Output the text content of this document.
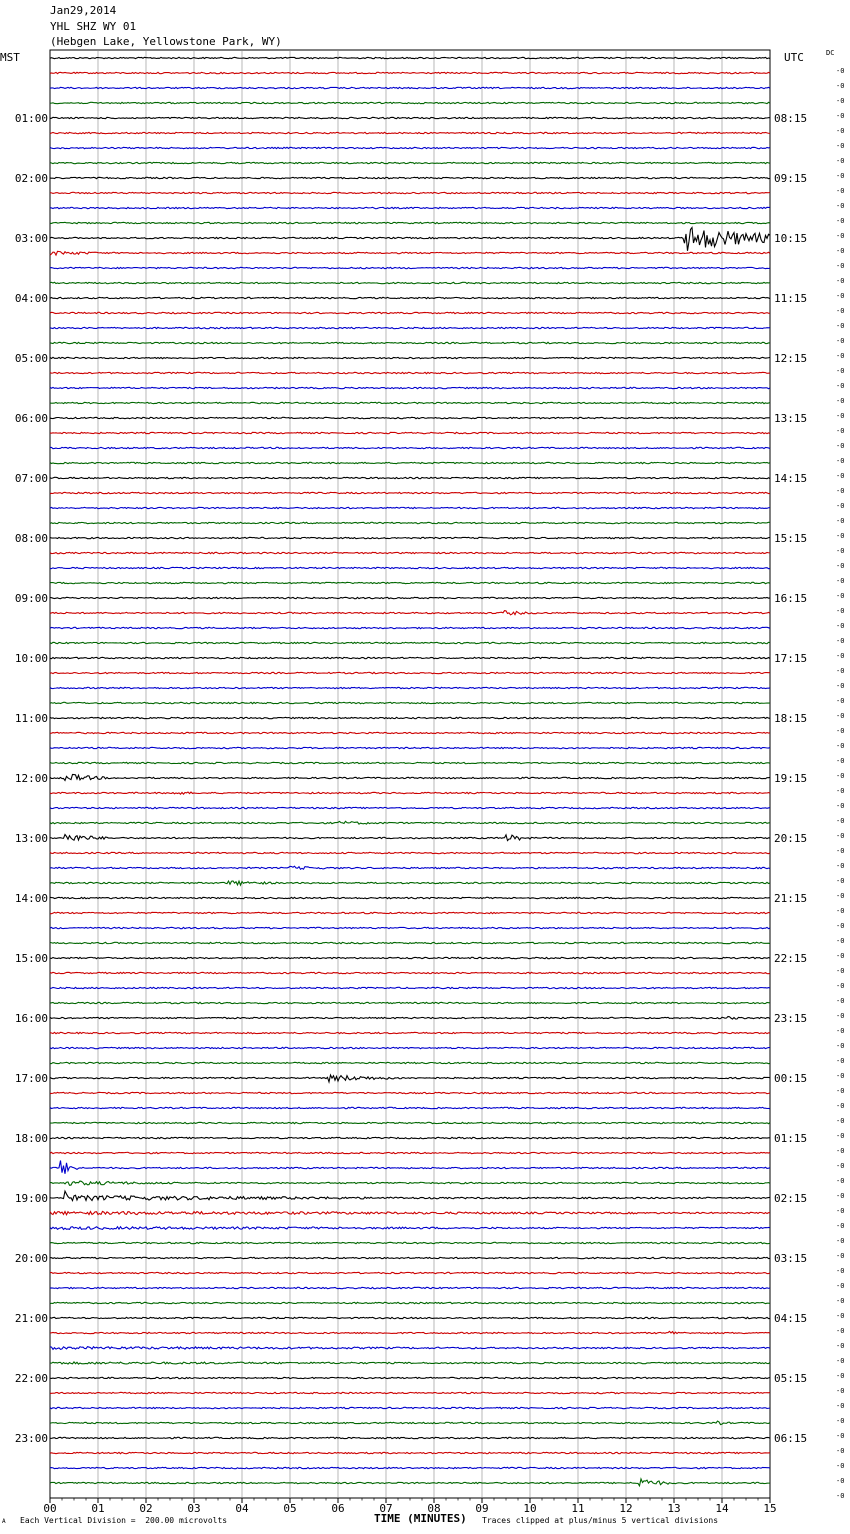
Jan29,2014
YHL SHZ WY 01
(Hebgen Lake, Yellowstone Park, WY)
MST	UTC	DC
00	01	02	03	04	05	06	07	08	09	10	11	12	13	14	15
01:00
02:00
03:00
04:00
05:00
06:00
07:00
08:00
09:00
10:00
11:00
12:00
13:00
14:00
15:00
16:00
17:00
18:00
19:00
20:00
21:00
22:00
23:00
08:15
09:15
10:15
11:15
12:15
13:15
14:15
15:15
16:15
17:15
18:15
19:15
20:15
21:15
22:15
23:15
00:15
01:15
02:15
03:15
04:15
05:15
06:15
-0
-0
-0
-0
-0
-0
-0
-0
-0
-0
-0
-0
-0
-0
-0
-0
-0
-0
-0
-0
-0
-0
-0
-0
-0
-0
-0
-0
-0
-0
-0
-0
-0
-0
-0
-0
-0
-0
-0
-0
-0
-0
-0
-0
-0
-0
-0
-0
-0
-0
-0
-0
-0
-0
-0
-0
-0
-0
-0
-0
-0
-0
-0
-0
-0
-0
-0
-0
-0
-0
-0
-0
-0
-0
-0
-0
-0
-0
-0
-0
-0
-0
-0
-0
-0
-0
-0
-0
-0
-0
-0
-0
-0
-0
-0
-0
A Each Vertical Division =  200.00 microvolts	TIME (MINUTES) Traces clipped at plus/minus 5 vertical divisions
